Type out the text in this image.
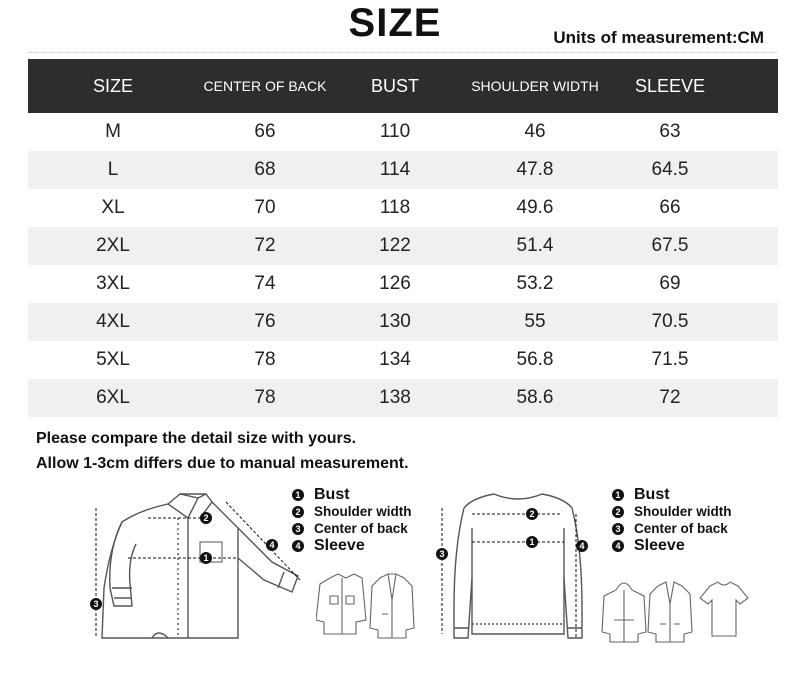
SIZE	Units of measurement:CM
SIZE	CENTER OF BACK	BUST	SHOULDER WIDTH	SLEEVE
M	66	110	46	63
L	68	114	47.8	64.5
XL	70	118	49.6	66
2XL	72	122	51.4	67.5
3XL	74	126	53.2	69
4XL	76	130	55	70.5
5XL	78	134	56.8	71.5
6XL	78	138	58.6	72
Please compare the detail size with yours.
Allow 1-3cm differs due to manual measurement.
2
1
4
3
1 Bust
2 Shoulder width
3 Center of back
4 Sleeve
2
1
3
4
1 Bust
2 Shoulder width
3 Center of back
4 Sleeve
